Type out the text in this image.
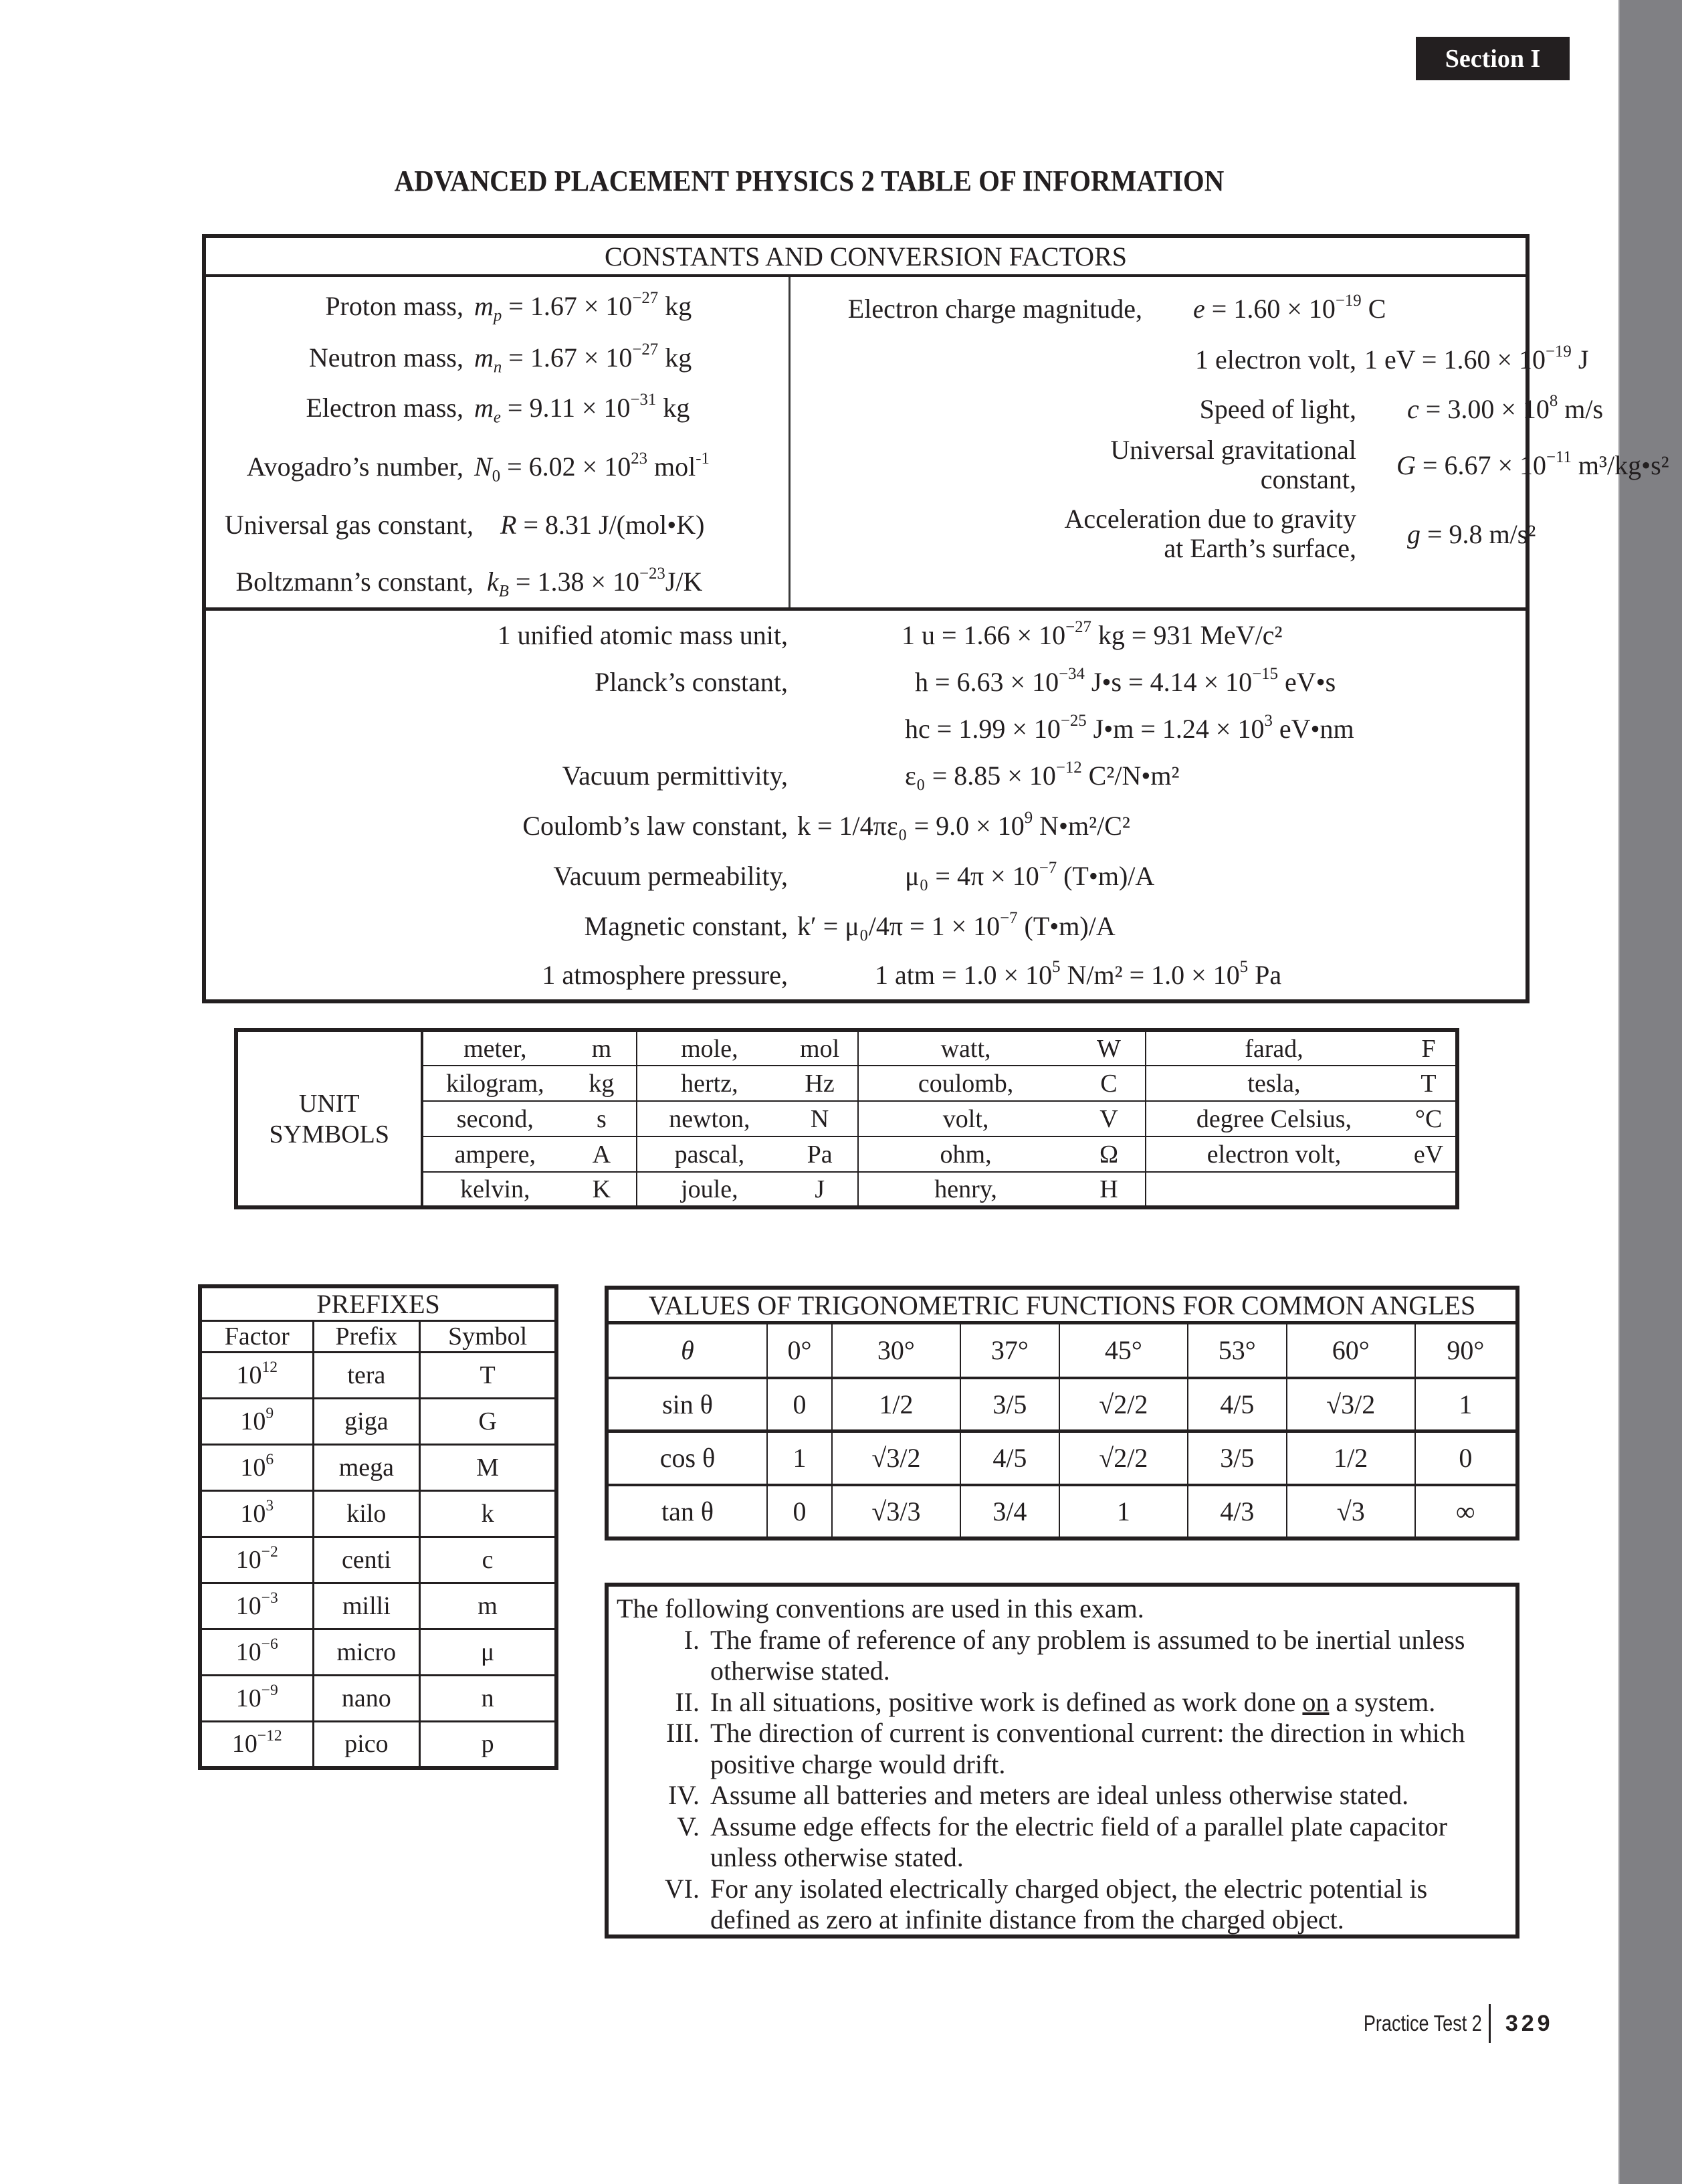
Section I
ADVANCED PLACEMENT PHYSICS 2 TABLE OF INFORMATION
CONSTANTS AND CONVERSION FACTORS
Proton mass, $m_p = 1.67 \times 10^{-27}$ kg
Neutron mass, $m_n = 1.67 \times 10^{-27}$ kg
Electron mass, $m_e = 9.11 \times 10^{-31}$ kg
Avogadro’s number, $N_0 = 6.02 \times 10^{23}$ mol$^{-1}$
Universal gas constant,	R = 8.31 J/(mol•K)
Boltzmann’s constant, $k_B = 1.38 \times 10^{-23}J/K$
Electron charge magnitude,	$e = 1.60 \times 10^{-19}$ C
1 electron volt, 1 eV = $1.60 \times 10^{-19}$ J
Speed of light,	$c = 3.00 \times 10^8$ m/s
Universal gravitational
constant,	$G = 6.67 \times 10^{-11}$ m³/kg•s²
Acceleration due to gravity
at Earth’s surface,	g = 9.8 m/s²
1 unified atomic mass unit,	1 $u = 1.66 \times 10^{-27}$ kg = 931 MeV/c²
Planck’s constant,	$h = 6.63 \times 10^{-34}$ J•s = $4.14 \times 10^{-15}$ eV•s
hc = $1.99 \times 10^{-25}$ J•m = $1.24 \times 10^3$ eV•nm
Vacuum permittivity,	$\varepsilon_0 = 8.85 \times 10^{-12}$ C²/N•m²
Coulomb’s law constant, $k = 1/4\pi\varepsilon_0 = 9.0 \times 10^9$ N•m²/C²
Vacuum permeability,	$\mu_0 = 4\pi \times 10^{-7}$ (T•m)/A
Magnetic constant, $k' = \mu_0/4\pi = 1 \times 10^{-7}$ (T•m)/A
1 atmosphere pressure,	1 atm = $1.0 \times 10^5$ $N/m^2 = 1.0 \times 10^5$ Pa
UNIT
SYMBOLS	meter,	m	mole,	mol	watt,	W	farad,	F
	kilogram,	kg	hertz,	Hz	coulomb,	C	tesla,	T
	second,	s	newton,	N	volt,	V	degree Celsius,	°C
	ampere,	A	pascal,	Pa	ohm,	Ω	electron volt,	eV
	kelvin,	K	joule,	J	henry,	H		
PREFIXES		
Factor	Prefix	Symbol
$10^{12}$	tera	T
$10^9$	giga	G
$10^6$	mega	M
$10^3$	kilo	k
$10^{-2}$	centi	c
$10^{-3}$	milli	m
$10^{-6}$	micro	μ
$10^{-9}$	nano	n
$10^{-12}$	pico	p
VALUES OF TRIGONOMETRIC FUNCTIONS FOR COMMON ANGLES							
θ	0°	30°	37°	45°	53°	60°	90°
sin θ	0	1/2	3/5	√2/2	4/5	√3/2	1
cos θ	1	√3/2	4/5	√2/2	3/5	1/2	0
tan θ	0	√3/3	3/4	1	4/3	√3	∞
The following conventions are used in this exam.
I. The frame of reference of any problem is assumed to be inertial unless otherwise stated.
II. In all situations, positive work is defined as work done on a system.
III. The direction of current is conventional current: the direction in which positive charge would drift.
IV. Assume all batteries and meters are ideal unless otherwise stated.
V. Assume edge effects for the electric field of a parallel plate capacitor unless otherwise stated.
VI. For any isolated electrically charged object, the electric potential is defined as zero at infinite distance from the charged object.
Practice Test 2 329
